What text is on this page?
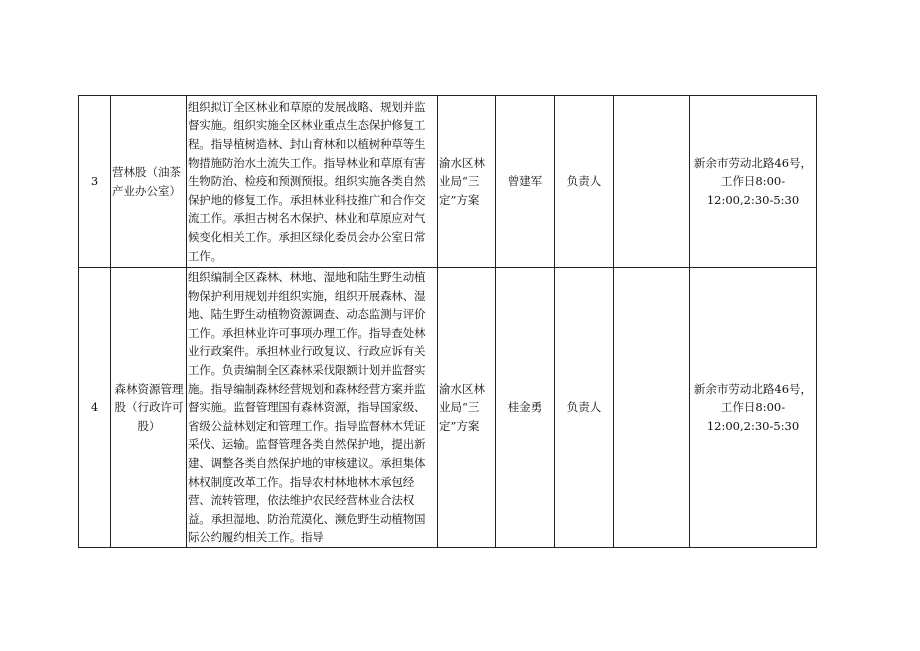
3	营林股（油茶产业办公室）	组织拟订全区林业和草原的发展战略、规划并监督实施。组织实施全区林业重点生态保护修复工程。指导植树造林、封山育林和以植树种草等生物措施防治水土流失工作。指导林业和草原有害生物防治、检疫和预测预报。组织实施各类自然保护地的修复工作。承担林业科技推广和合作交流工作。承担古树名木保护、林业和草原应对气候变化相关工作。承担区绿化委员会办公室日常工作。	渝水区林业局“三定”方案	曾建军	负责人		新余市劳动北路46号，工作日8:00-12:00,2:30-5:30
4	森林资源管理股（行政许可股）	组织编制全区森林、林地、湿地和陆生野生动植物保护利用规划并组织实施，组织开展森林、湿地、陆生野生动植物资源调查、动态监测与评价工作。承担林业许可事项办理工作。指导查处林业行政案件。承担林业行政复议、行政应诉有关工作。负责编制全区森林采伐限额计划并监督实施。指导编制森林经营规划和森林经营方案并监督实施。监督管理国有森林资源，指导国家级、省级公益林划定和管理工作。指导监督林木凭证采伐、运输。监督管理各类自然保护地，提出新建、调整各类自然保护地的审核建议。承担集体林权制度改革工作。指导农村林地林木承包经营、流转管理，依法维护农民经营林业合法权益。承担湿地、防治荒漠化、濒危野生动植物国际公约履约相关工作。指导	渝水区林业局“三定”方案	桂金勇	负责人		新余市劳动北路46号，工作日8:00-12:00,2:30-5:30
